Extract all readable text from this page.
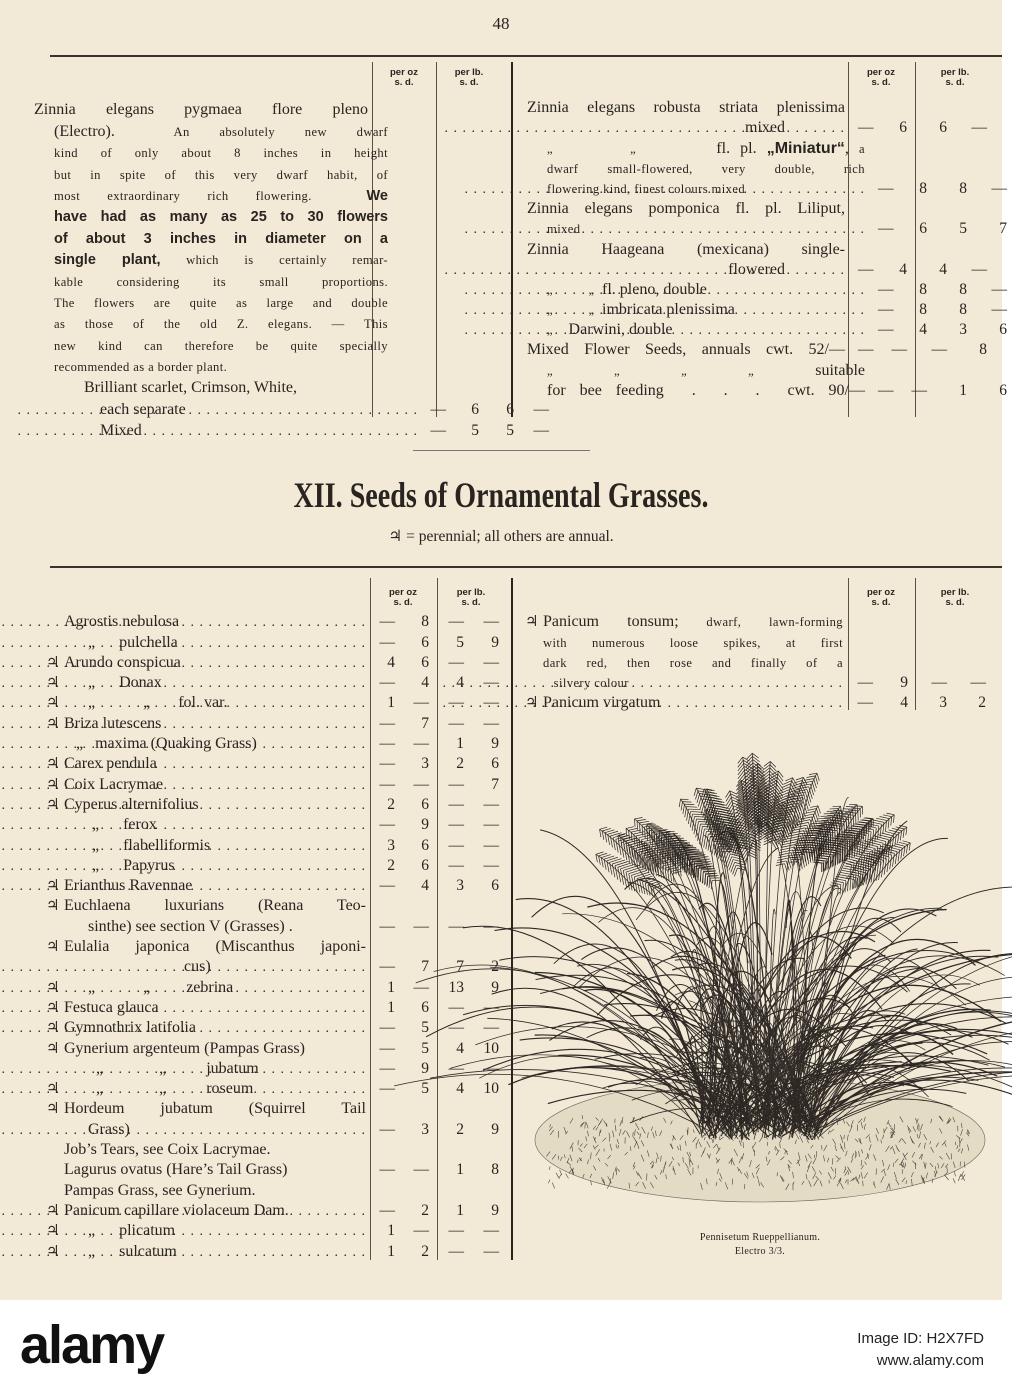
48
per oz
s. d.
per lb.
s. d.
per oz
s. d.
per lb.
s. d.
Zinnia elegans pygmaea flore pleno
(Electro).  An absolutely new dwarf
kind of only about 8 inches in height
but in spite of this very dwarf habit, of
most extraordinary rich flowering.  We
have had as many as 25 to 30 flowers
of about 3 inches in diameter on a
single plant, which is certainly remar-
kable considering its small proportions.
The flowers are quite as large and double
as those of the old Z. elegans. — This
new kind can therefore be quite specially
recommended as a border plant.
Brilliant scarlet, Crimson, White,
each separate . . .	—	6	6	—
Mixed . . .	—	5	5	—
Zinnia elegans robusta striata plenissima
mixed . . .	—	6	6	—
„        „        fl. pl. „Miniatur“, a
dwarf small-flowered, very double, rich
flowering kind, finest colours mixed . . .	—	8	8	—
Zinnia elegans pomponica fl. pl. Liliput,
mixed . . .	—	6	5	7
Zinnia Haageana (mexicana) single-
flowered . . .	—	4	4	—
„          „  fl. pleno, double . . .	—	8	8	—
„          „  imbricata plenissima . . .	—	8	8	—
„    Darwini, double . . .	—	4	3	6
Mixed Flower Seeds, annuals cwt. 52/— —	—	—	8
„        „        „        „        suitable
for bee feeding  .  .  .  cwt. 90/— —	—	1	6
XII. Seeds of Ornamental Grasses.
♃ = perennial; all others are annual.
per oz
s. d.
per lb.
s. d.
per oz
s. d.
per lb.
s. d.
Agrostis nebulosa . . .	—	8	—	—
„      pulchella . . .	—	6	5	9
♃ Arundo conspicua . . .	4	6	—	—
♃ „      Donax . . .	—	4	4	—
♃ „            „       fol. var. . . .	1	—	—	—
♃ Briza lutescens . . .	—	7	—	—
„   maxima (Quaking Grass) . . .	—	—	1	9
♃ Carex pendula . . .	—	3	2	6
♃ Coix Lacrymae . . .	—	—	—	7
♃ Cyperus alternifolius . . .	2	6	—	—
„      ferox . . .	—	9	—	—
„      flabelliformis . . .	3	6	—	—
„      Papyrus . . .	2	6	—	—
♃ Erianthus Ravennae . . .	—	4	3	6
♃ Euchlaena luxurians (Reana Teo-
sinthe) see section V (Grasses) .	—	—	—	—
♃ Eulalia japonica (Miscanthus japoni-
cus) . . .	—	7	7	2
♃ „            „         zebrina . . .	1	—	13	9
♃ Festuca glauca . . .	1	6	—	—
♃ Gymnothrix latifolia . . .	—	5	—	—
♃ Gynerium argenteum (Pampas Grass)	—	5	4	10
„              „          jubatum . . .	—	9	—	—
♃ „              „          roseum . . .	—	5	4	10
♃ Hordeum jubatum (Squirrel Tail
Grass) . . .	—	3	2	9
Job’s Tears, see Coix Lacrymae.
Lagurus ovatus (Hare’s Tail Grass)	—	—	1	8
Pampas Grass, see Gynerium.
♃ Panicum capillare violaceum Dam. . . .	—	2	1	9
♃ „      plicatum . . .	1	—	—	—
♃ „      sulcatum . . .	1	2	—	—
♃ Panicum tonsum; dwarf, lawn-forming
with numerous loose spikes, at first
dark red, then rose and finally of a
silvery colour . . .	—	9	—	—
♃ Panicum virgatum . . .	—	4	3	2
Pennisetum Rueppellianum.
Electro 3/3.
alamy	Image ID: H2X7FD
www.alamy.com
